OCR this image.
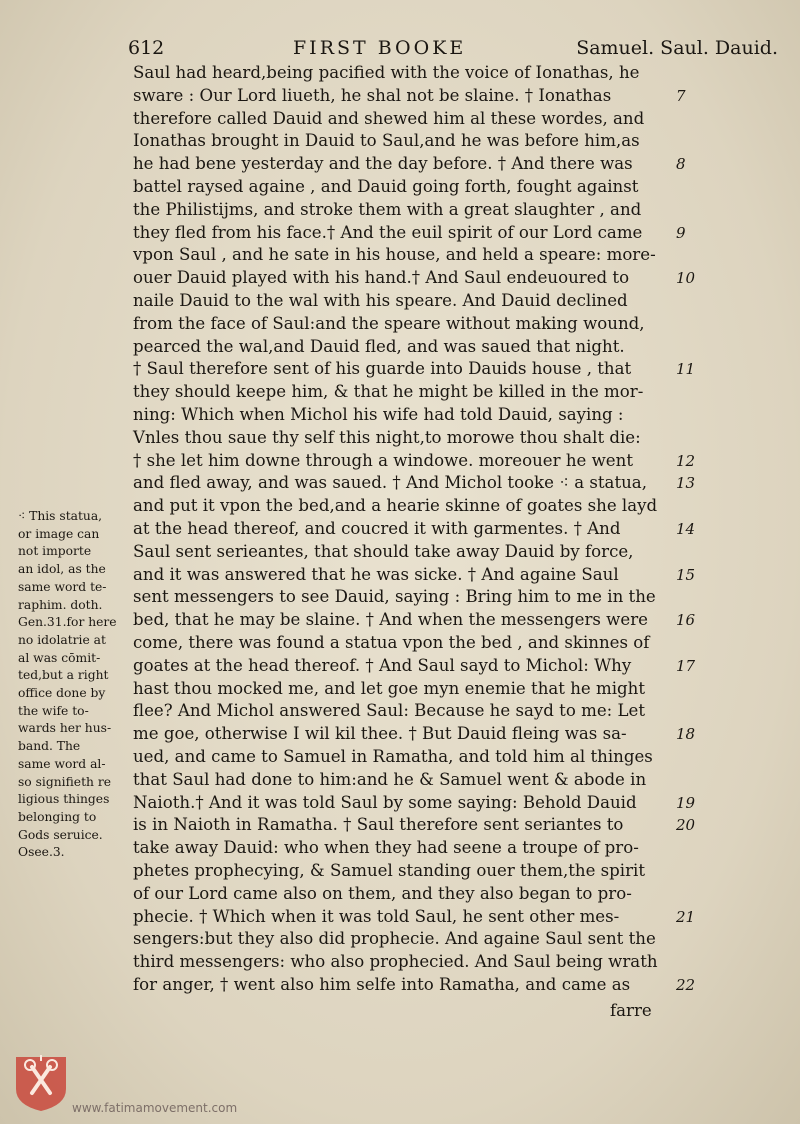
612	FIRST BOOKE	Samuel. Saul. Dauid.
Saul had heard,being pacified with the voice of Ionathas, he
sware : Our Lord liueth, he shal not be slaine. † Ionathas
therefore called Dauid and shewed him al these wordes, and
Ionathas brought in Dauid to Saul,and he was before him,as
he had bene yesterday and the day before. † And there was
battel raysed againe , and Dauid going forth, fought against
the Philistijms, and stroke them with a great slaughter , and
they fled from his face.† And the euil spirit of our Lord came
vpon Saul , and he sate in his house, and held a speare: more-
ouer Dauid played with his hand.† And Saul endeuoured to
naile Dauid to the wal with his speare. And Dauid declined
from the face of Saul:and the speare without making wound,
pearced the wal,and Dauid fled, and was saued that night.
† Saul therefore sent of his guarde into Dauids house , that
they should keepe him, & that he might be killed in the mor-
ning: Which when Michol his wife had told Dauid, saying :
Vnles thou saue thy self this night,to morowe thou shalt die:
† she let him downe through a windowe. moreouer he went
and fled away, and was saued. † And Michol tooke ⁖ a statua,
and put it vpon the bed,and a hearie skinne of goates she layd
at the head thereof, and coucred it with garmentes. † And
Saul sent serieantes, that should take away Dauid by force,
and it was answered that he was sicke. † And againe Saul
sent messengers to see Dauid, saying : Bring him to me in the
bed, that he may be slaine. † And when the messengers were
come, there was found a statua vpon the bed , and skinnes of
goates at the head thereof. † And Saul sayd to Michol: Why
hast thou mocked me, and let goe myn enemie that he might
flee? And Michol answered Saul: Because he sayd to me: Let
me goe, otherwise I wil kil thee. † But Dauid fleing was sa-
ued, and came to Samuel in Ramatha, and told him al thinges
that Saul had done to him:and he & Samuel went & abode in
Naioth.† And it was told Saul by some saying: Behold Dauid
is in Naioth in Ramatha. † Saul therefore sent seriantes to
take away Dauid: who when they had seene a troupe of pro-
phetes prophecying, & Samuel standing ouer them,the spirit
of our Lord came also on them, and they also began to pro-
phecie. † Which when it was told Saul, he sent other mes-
sengers:but they also did prophecie. And againe Saul sent the
third messengers: who also prophecied. And Saul being wrath
for anger, † went also him selfe into Ramatha, and came as
7
8
9
10
11
12
13
14
15
16
17
18
19
20
21
22
farre
⁖ This statua,
or image can
not importe
an idol, as the
same word te-
raphim. doth.
Gen.31.for here
no idolatrie at
al was cōmit-
ted,but a right
office done by
the wife to-
wards her hus-
band. The
same word al-
so signifieth re
ligious thinges
belonging to
Gods seruice.
Osee.3.
www.fatimamovement.com
